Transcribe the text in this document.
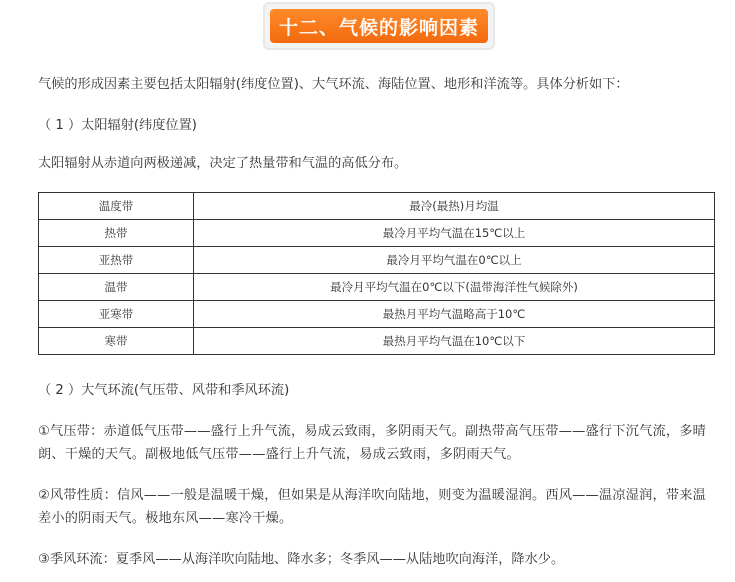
十二、气候的影响因素
气候的形成因素主要包括太阳辐射(纬度位置)、大气环流、海陆位置、地形和洋流等。具体分析如下：
（ 1 ）太阳辐射(纬度位置)
太阳辐射从赤道向两极递减，决定了热量带和气温的高低分布。
温度带	最冷(最热)月均温
热带	最冷月平均气温在15℃以上
亚热带	最冷月平均气温在0℃以上
温带	最冷月平均气温在0℃以下(温带海洋性气候除外)
亚寒带	最热月平均气温略高于10℃
寒带	最热月平均气温在10℃以下
（ 2 ）大气环流(气压带、风带和季风环流)
①气压带：赤道低气压带——盛行上升气流，易成云致雨，多阴雨天气。副热带高气压带——盛行下沉气流，多晴朗、干燥的天气。副极地低气压带——盛行上升气流，易成云致雨，多阴雨天气。
②风带性质：信风——一般是温暖干燥，但如果是从海洋吹向陆地，则变为温暖湿润。西风——温凉湿润，带来温差小的阴雨天气。极地东风——寒冷干燥。
③季风环流：夏季风——从海洋吹向陆地、降水多；冬季风——从陆地吹向海洋，降水少。
